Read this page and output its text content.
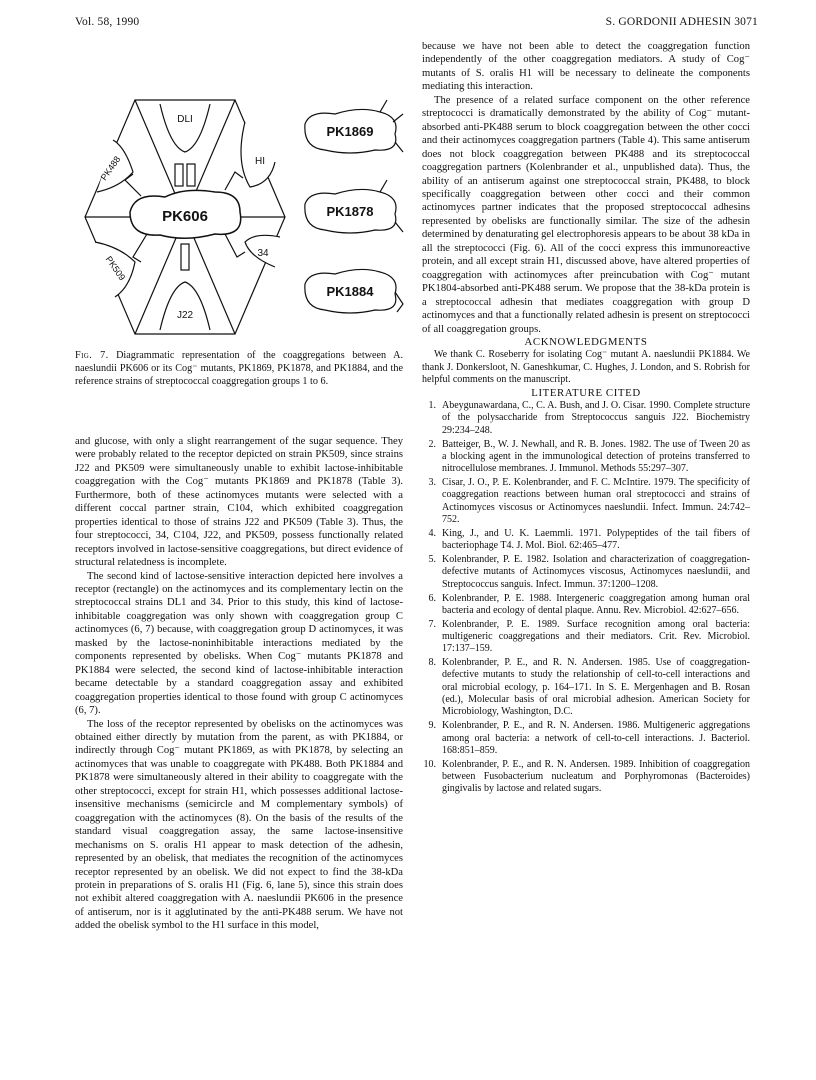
Vol. 58, 1990	S. GORDONII ADHESIN 3071
PK606
DLI
HI
34
J22
PK509
PK488
PK1869
PK1878
PK1884
Fig. 7. Diagrammatic representation of the coaggregations between A. naeslundii PK606 or its Cog⁻ mutants, PK1869, PK1878, and PK1884, and the reference strains of streptococcal coaggregation groups 1 to 6.

and glucose, with only a slight rearrangement of the sugar sequence. They were probably related to the receptor depicted on strain PK509, since strains J22 and PK509 were simultaneously unable to exhibit lactose-inhibitable coaggregation with the Cog⁻ mutants PK1869 and PK1878 (Table 3). Furthermore, both of these actinomyces mutants were selected with a different coccal partner strain, C104, which exhibited coaggregation properties identical to those of strains J22 and PK509 (Table 3). Thus, the four streptococci, 34, C104, J22, and PK509, possess functionally related receptors involved in lactose-sensitive coaggregations, but direct evidence of structural relatedness is incomplete.

The second kind of lactose-sensitive interaction depicted here involves a receptor (rectangle) on the actinomyces and its complementary lectin on the streptococcal strains DL1 and 34. Prior to this study, this kind of lactose-inhibitable coaggregation was only shown with coaggregation group C actinomyces (6, 7) because, with coaggregation group D actinomyces, it was masked by the lactose-noninhibitable interactions mediated by the components represented by obelisks. When Cog⁻ mutants PK1878 and PK1884 were selected, the second kind of lactose-inhibitable interaction became detectable by a standard coaggregation assay and exhibited coaggregation properties identical to those found with group C actinomyces (6, 7).

The loss of the receptor represented by obelisks on the actinomyces was obtained either directly by mutation from the parent, as with PK1884, or indirectly through Cog⁻ mutant PK1869, as with PK1878, by selecting an actinomyces that was unable to coaggregate with PK488. Both PK1884 and PK1878 were simultaneously altered in their ability to coaggregate with the other streptococci, except for strain H1, which possesses additional lactose-insensitive mechanisms (semicircle and M complementary symbols) of coaggregation with the actinomyces (8). On the basis of the results of the standard visual coaggregation assay, the same lactose-insensitive mechanisms on S. oralis H1 appear to mask detection of the adhesin, represented by an obelisk, that mediates the recognition of the actinomyces receptor represented by an obelisk. We did not expect to find the 38-kDa protein in preparations of S. oralis H1 (Fig. 6, lane 5), since this strain does not exhibit altered coaggregation with A. naeslundii PK606 in the presence of antiserum, nor is it agglutinated by the anti-PK488 serum. We have not added the obelisk symbol to the H1 surface in this model,

because we have not been able to detect the coaggregation function independently of the other coaggregation mediators. A study of Cog⁻ mutants of S. oralis H1 will be necessary to delineate the components mediating this interaction.

The presence of a related surface component on the other reference streptococci is dramatically demonstrated by the ability of Cog⁻ mutant-absorbed anti-PK488 serum to block coaggregation between the other cocci and their actinomyces coaggregation partners (Table 4). This same antiserum does not block coaggregation between PK488 and its streptococcal coaggregation partners (Kolenbrander et al., unpublished data). Thus, the ability of an antiserum against one streptococcal strain, PK488, to block specifically coaggregation between other cocci and their common actinomyces partner indicates that the proposed streptococcal adhesins represented by obelisks are functionally similar. The size of the adhesin determined by denaturating gel electrophoresis appears to be about 38 kDa in all the streptococci (Fig. 6). All of the cocci express this immunoreactive protein, and all except strain H1, discussed above, have altered properties of coaggregation with actinomyces after preincubation with Cog⁻ mutant PK1804-absorbed anti-PK488 serum. We propose that the 38-kDa protein is a streptococcal adhesin that mediates coaggregation with group D actinomyces and that a functionally related adhesin is present on streptococci of all coaggregation groups.

ACKNOWLEDGMENTS

We thank C. Roseberry for isolating Cog⁻ mutant A. naeslundii PK1884. We thank J. Donkersloot, N. Ganeshkumar, C. Hughes, J. London, and S. Robrish for helpful comments on the manuscript.

LITERATURE CITED

1. Abeygunawardana, C., C. A. Bush, and J. O. Cisar. 1990. Complete structure of the polysaccharide from Streptococcus sanguis J22. Biochemistry 29:234–248.
2. Batteiger, B., W. J. Newhall, and R. B. Jones. 1982. The use of Tween 20 as a blocking agent in the immunological detection of proteins transferred to nitrocellulose membranes. J. Immunol. Methods 55:297–307.
3. Cisar, J. O., P. E. Kolenbrander, and F. C. McIntire. 1979. The specificity of coaggregation reactions between human oral streptococci and strains of Actinomyces viscosus or Actinomyces naeslundii. Infect. Immun. 24:742–752.
4. King, J., and U. K. Laemmli. 1971. Polypeptides of the tail fibers of bacteriophage T4. J. Mol. Biol. 62:465–477.
5. Kolenbrander, P. E. 1982. Isolation and characterization of coaggregation-defective mutants of Actinomyces viscosus, Actinomyces naeslundii, and Streptococcus sanguis. Infect. Immun. 37:1200–1208.
6. Kolenbrander, P. E. 1988. Intergeneric coaggregation among human oral bacteria and ecology of dental plaque. Annu. Rev. Microbiol. 42:627–656.
7. Kolenbrander, P. E. 1989. Surface recognition among oral bacteria: multigeneric coaggregations and their mediators. Crit. Rev. Microbiol. 17:137–159.
8. Kolenbrander, P. E., and R. N. Andersen. 1985. Use of coaggregation-defective mutants to study the relationship of cell-to-cell interactions and oral microbial ecology, p. 164–171. In S. E. Mergenhagen and B. Rosan (ed.), Molecular basis of oral microbial adhesion. American Society for Microbiology, Washington, D.C.
9. Kolenbrander, P. E., and R. N. Andersen. 1986. Multigeneric aggregations among oral bacteria: a network of cell-to-cell interactions. J. Bacteriol. 168:851–859.
10. Kolenbrander, P. E., and R. N. Andersen. 1989. Inhibition of coaggregation between Fusobacterium nucleatum and Porphyromonas (Bacteroides) gingivalis by lactose and related sugars.
